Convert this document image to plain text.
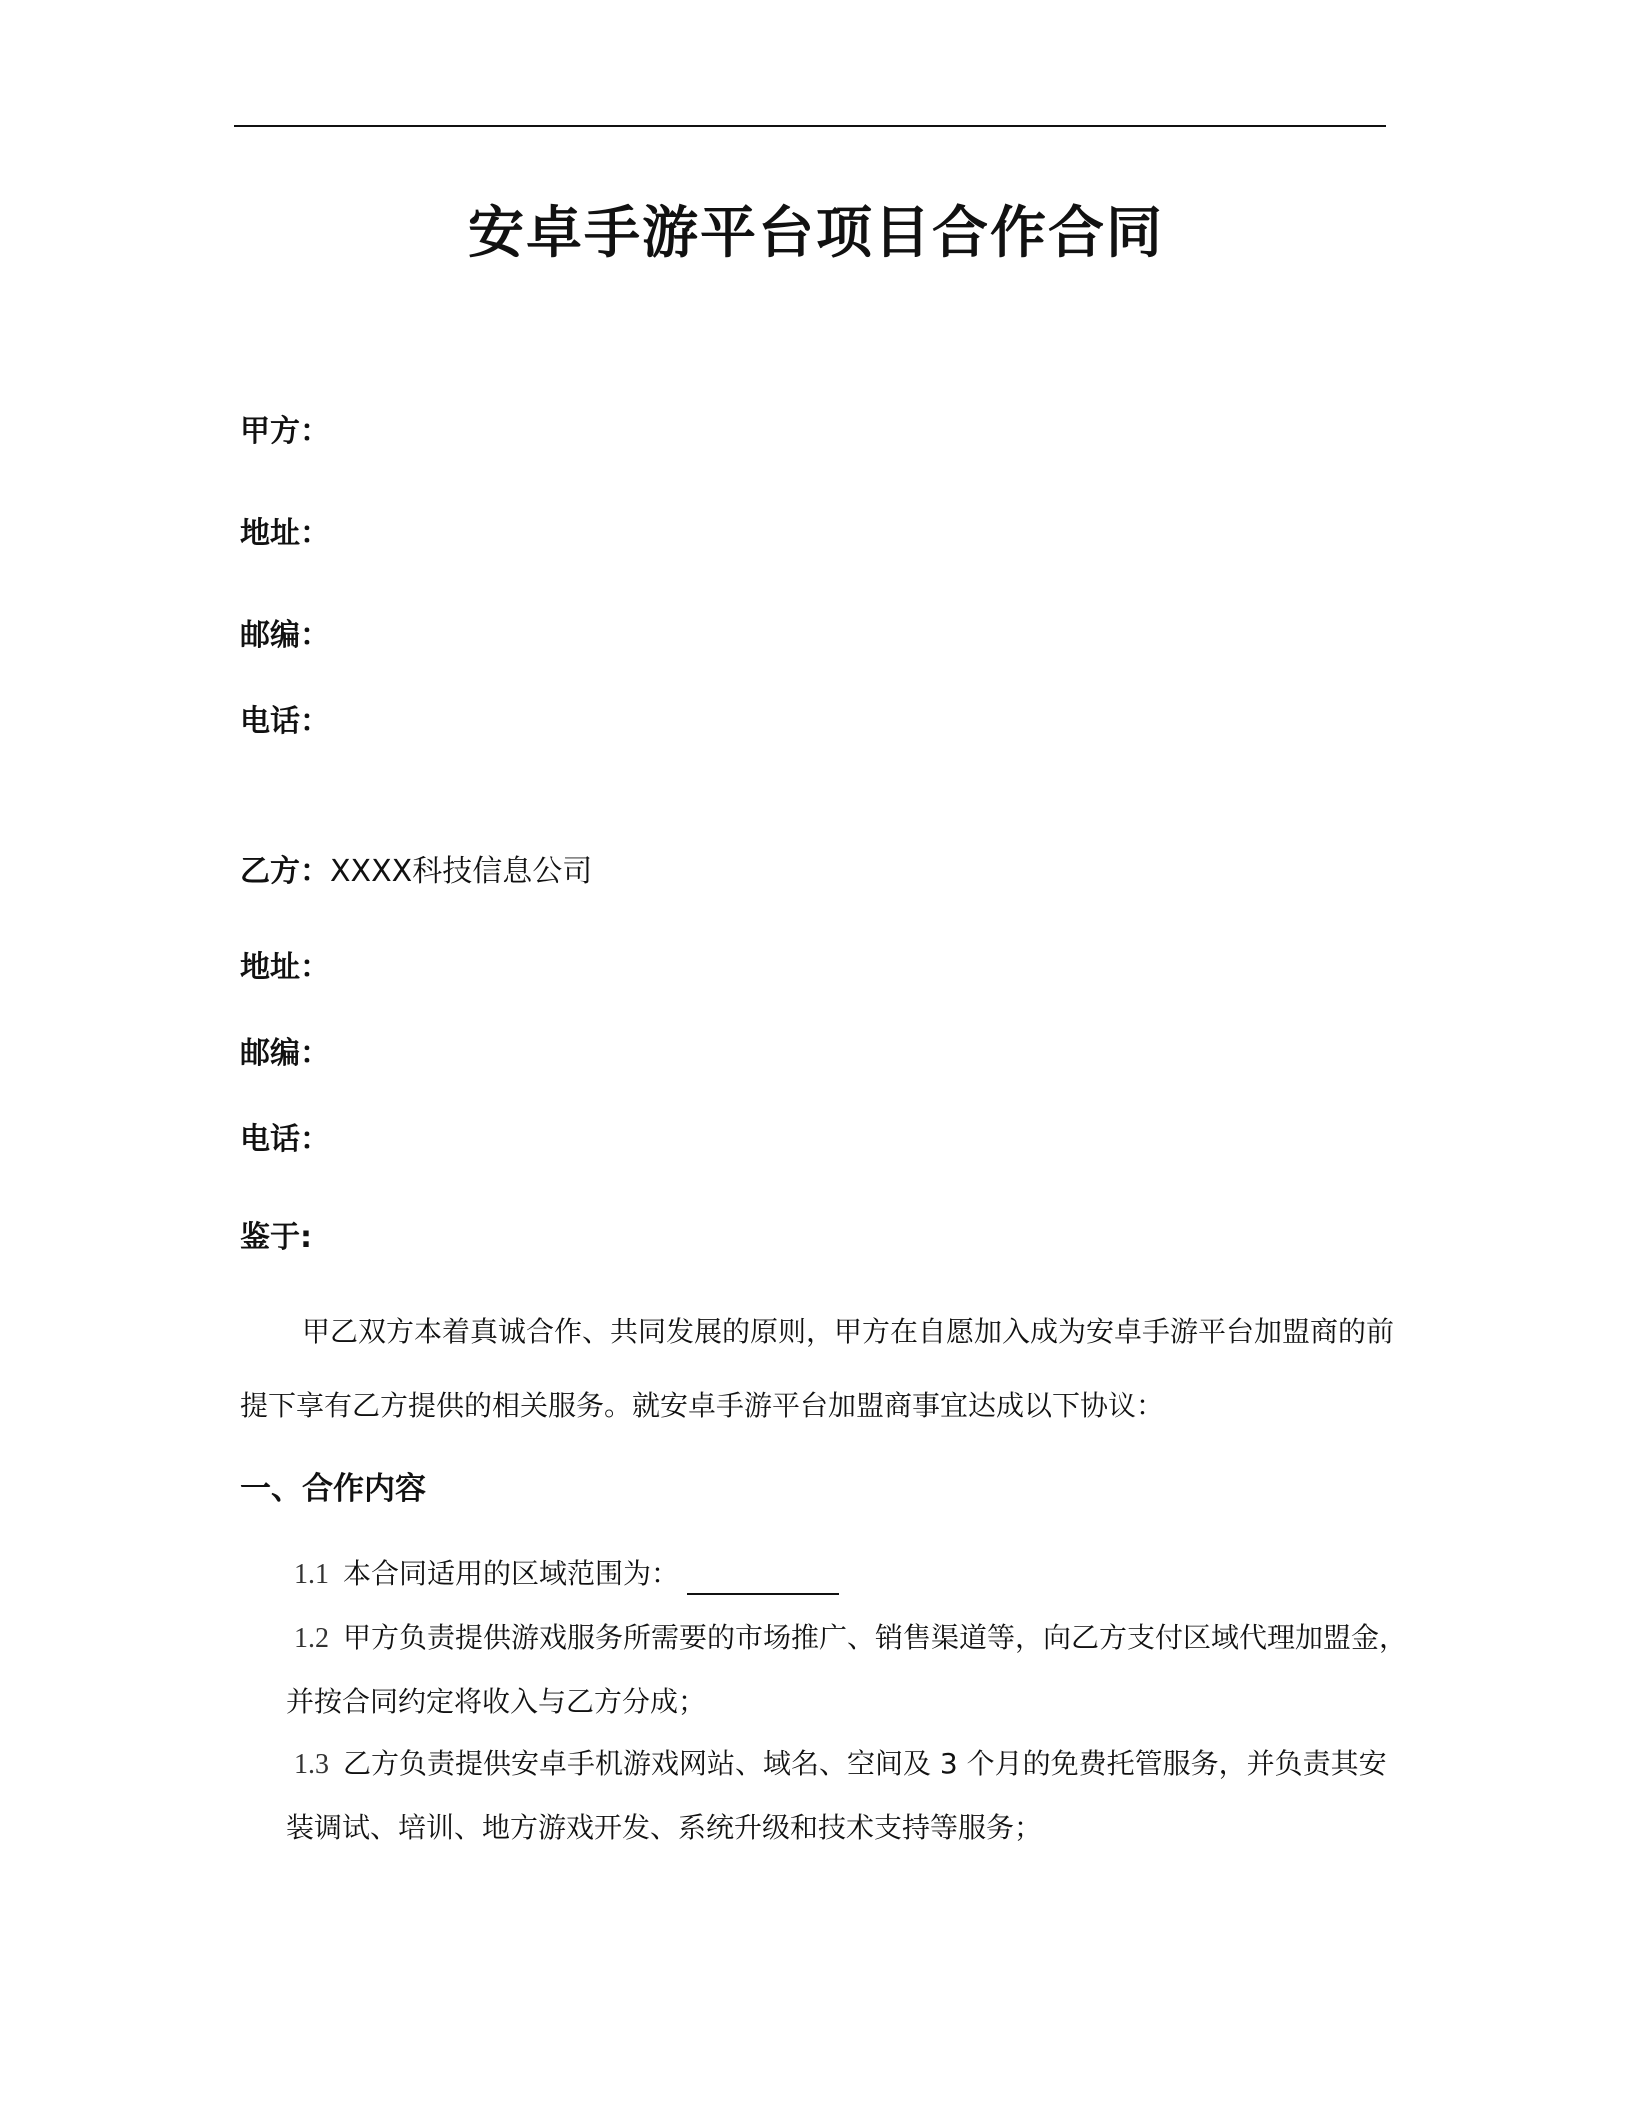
安卓手游平台项目合作合同
甲方：
地址：
邮编：
电话：
乙方：XXXX科技信息公司
地址：
邮编：
电话：
鉴于:
甲乙双方本着真诚合作、共同发展的原则，甲方在自愿加入成为安卓手游平台加盟商的前
提下享有乙方提供的相关服务。就安卓手游平台加盟商事宜达成以下协议：
一、合作内容
1.1 本合同适用的区域范围为：
1.2 甲方负责提供游戏服务所需要的市场推广、销售渠道等，向乙方支付区域代理加盟金，
并按合同约定将收入与乙方分成；
1.3 乙方负责提供安卓手机游戏网站、域名、空间及 3 个月的免费托管服务，并负责其安
装调试、培训、地方游戏开发、系统升级和技术支持等服务；
